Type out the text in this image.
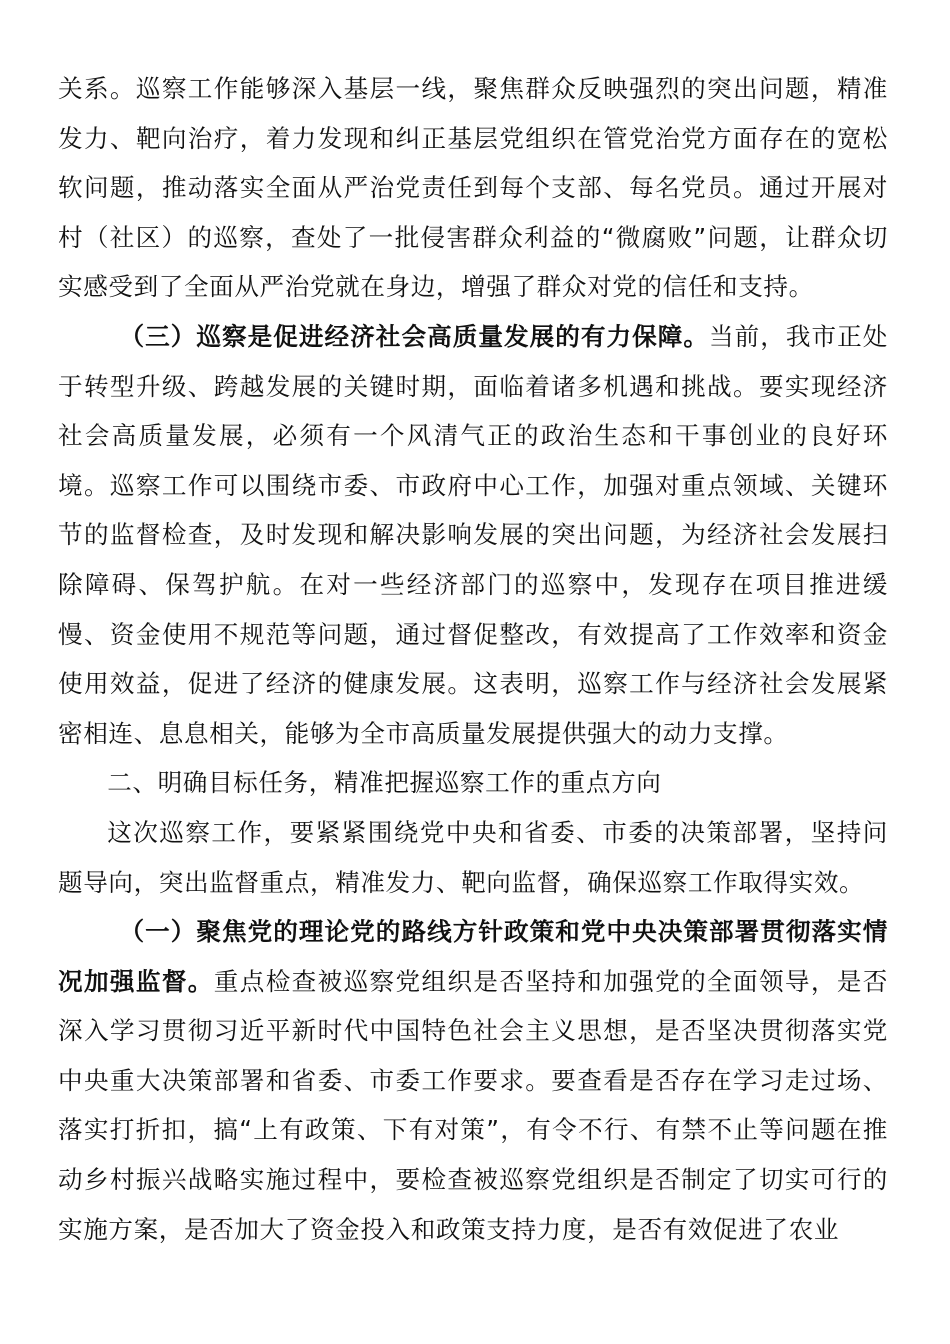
关系。巡察工作能够深入基层一线，聚焦群众反映强烈的突出问题，精准发力、靶向治疗，着力发现和纠正基层党组织在管党治党方面存在的宽松软问题，推动落实全面从严治党责任到每个支部、每名党员。通过开展对村（社区）的巡察，查处了一批侵害群众利益的“微腐败”问题，让群众切实感受到了全面从严治党就在身边，增强了群众对党的信任和支持。

（三）巡察是促进经济社会高质量发展的有力保障。当前，我市正处于转型升级、跨越发展的关键时期，面临着诸多机遇和挑战。要实现经济社会高质量发展，必须有一个风清气正的政治生态和干事创业的良好环境。巡察工作可以围绕市委、市政府中心工作，加强对重点领域、关键环节的监督检查，及时发现和解决影响发展的突出问题，为经济社会发展扫除障碍、保驾护航。在对一些经济部门的巡察中，发现存在项目推进缓慢、资金使用不规范等问题，通过督促整改，有效提高了工作效率和资金使用效益，促进了经济的健康发展。这表明，巡察工作与经济社会发展紧密相连、息息相关，能够为全市高质量发展提供强大的动力支撑。

二、明确目标任务，精准把握巡察工作的重点方向

这次巡察工作，要紧紧围绕党中央和省委、市委的决策部署，坚持问题导向，突出监督重点，精准发力、靶向监督，确保巡察工作取得实效。

（一）聚焦党的理论党的路线方针政策和党中央决策部署贯彻落实情况加强监督。重点检查被巡察党组织是否坚持和加强党的全面领导，是否深入学习贯彻习近平新时代中国特色社会主义思想，是否坚决贯彻落实党中央重大决策部署和省委、市委工作要求。要查看是否存在学习走过场、落实打折扣，搞“上有政策、下有对策”，有令不行、有禁不止等问题在推动乡村振兴战略实施过程中，要检查被巡察党组织是否制定了切实可行的实施方案，是否加大了资金投入和政策支持力度，是否有效促进了农业
